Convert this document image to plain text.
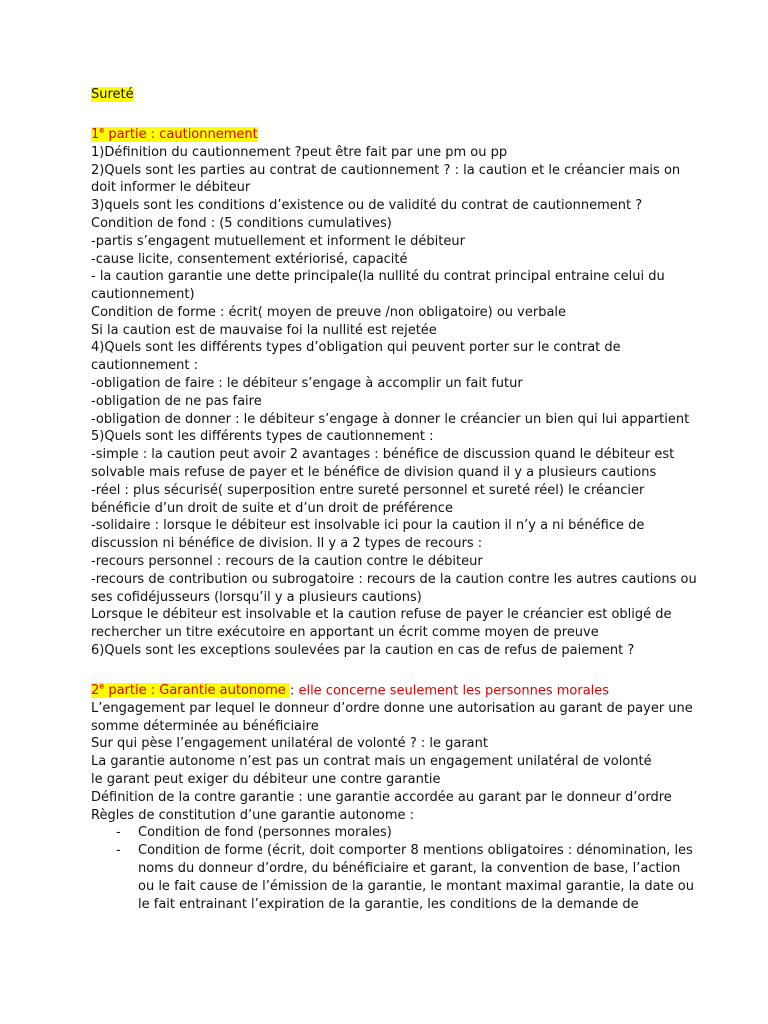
Sureté
1e partie : cautionnement
1)Définition du cautionnement ?peut être fait par une pm ou pp
2)Quels sont les parties au contrat de cautionnement ? : la caution et le créancier mais on
doit informer le débiteur
3)quels sont les conditions d’existence ou de validité du contrat de cautionnement ?
Condition de fond : (5 conditions cumulatives)
-partis s’engagent mutuellement et informent le débiteur
-cause licite, consentement extériorisé, capacité
- la caution garantie une dette principale(la nullité du contrat principal entraine celui du
cautionnement)
Condition de forme : écrit( moyen de preuve /non obligatoire) ou verbale
Si la caution est de mauvaise foi la nullité est rejetée
4)Quels sont les différents types d’obligation qui peuvent porter sur le contrat de
cautionnement :
-obligation de faire : le débiteur s’engage à accomplir un fait futur
-obligation de ne pas faire
-obligation de donner : le débiteur s’engage à donner le créancier un bien qui lui appartient
5)Quels sont les différents types de cautionnement :
-simple : la caution peut avoir 2 avantages : bénéfice de discussion quand le débiteur est
solvable mais refuse de payer et le bénéfice de division quand il y a plusieurs cautions
-réel : plus sécurisé( superposition entre sureté personnel et sureté réel) le créancier
bénéficie d’un droit de suite et d’un droit de préférence
-solidaire : lorsque le débiteur est insolvable ici pour la caution il n’y a ni bénéfice de
discussion ni bénéfice de division. Il y a 2 types de recours :
-recours personnel : recours de la caution contre le débiteur
-recours de contribution ou subrogatoire : recours de la caution contre les autres cautions ou
ses cofidéjusseurs (lorsqu’il y a plusieurs cautions)
Lorsque le débiteur est insolvable et la caution refuse de payer le créancier est obligé de
rechercher un titre exécutoire en apportant un écrit comme moyen de preuve
6)Quels sont les exceptions soulevées par la caution en cas de refus de paiement ?
2e partie : Garantie autonome : elle concerne seulement les personnes morales
L’engagement par lequel le donneur d’ordre donne une autorisation au garant de payer une
somme déterminée au bénéficiaire
Sur qui pèse l’engagement unilatéral de volonté ? : le garant
La garantie autonome n’est pas un contrat mais un engagement unilatéral de volonté
le garant peut exiger du débiteur une contre garantie
Définition de la contre garantie : une garantie accordée au garant par le donneur d’ordre
Règles de constitution d’une garantie autonome :
- Condition de fond (personnes morales)
- Condition de forme (écrit, doit comporter 8 mentions obligatoires : dénomination, les
noms du donneur d’ordre, du bénéficiaire et garant, la convention de base, l’action
ou le fait cause de l’émission de la garantie, le montant maximal garantie, la date ou
le fait entrainant l’expiration de la garantie, les conditions de la demande de
